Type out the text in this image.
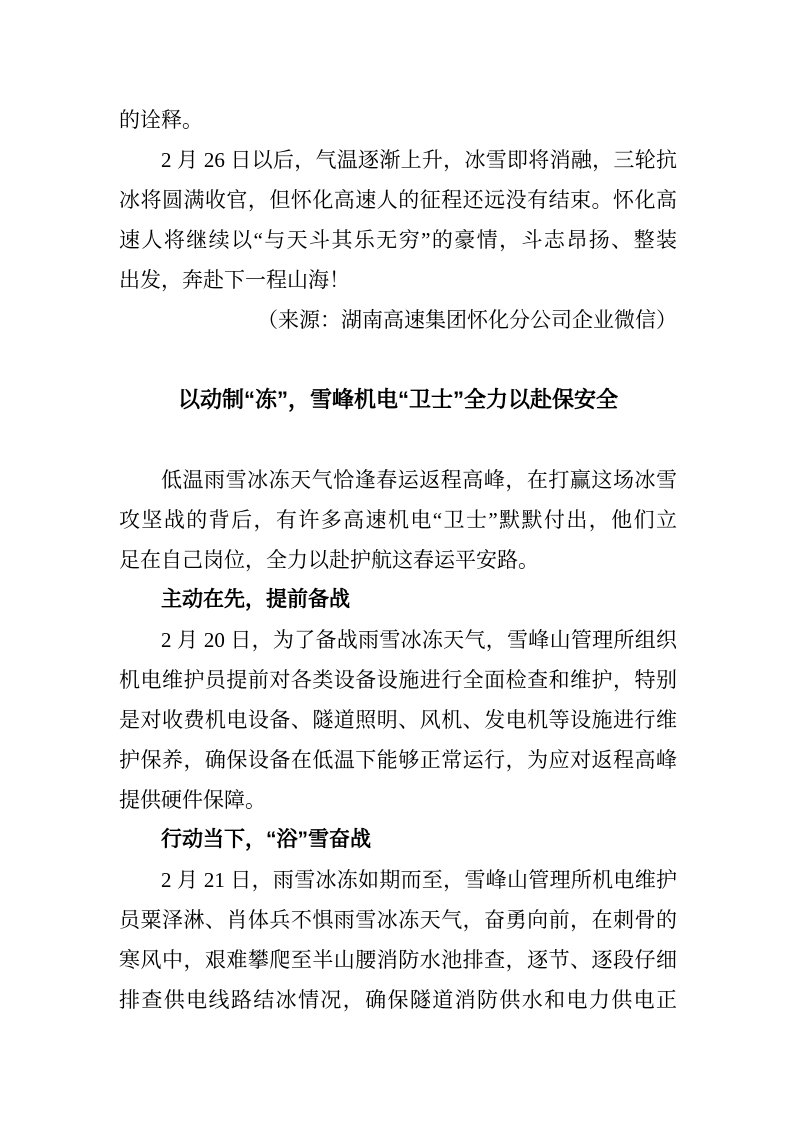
的诠释。
2 月 26 日以后，气温逐渐上升，冰雪即将消融，三轮抗
冰将圆满收官，但怀化高速人的征程还远没有结束。怀化高
速人将继续以“与天斗其乐无穷”的豪情，斗志昂扬、整装
出发，奔赴下一程山海！
（来源：湖南高速集团怀化分公司企业微信）
以动制“冻”，雪峰机电“卫士”全力以赴保安全
低温雨雪冰冻天气恰逢春运返程高峰，在打赢这场冰雪
攻坚战的背后，有许多高速机电“卫士”默默付出，他们立
足在自己岗位，全力以赴护航这春运平安路。
主动在先，提前备战
2 月 20 日，为了备战雨雪冰冻天气，雪峰山管理所组织
机电维护员提前对各类设备设施进行全面检查和维护，特别
是对收费机电设备、隧道照明、风机、发电机等设施进行维
护保养，确保设备在低温下能够正常运行，为应对返程高峰
提供硬件保障。
行动当下，“浴”雪奋战
2 月 21 日，雨雪冰冻如期而至，雪峰山管理所机电维护
员粟泽淋、肖体兵不惧雨雪冰冻天气，奋勇向前，在刺骨的
寒风中，艰难攀爬至半山腰消防水池排查，逐节、逐段仔细
排查供电线路结冰情况，确保隧道消防供水和电力供电正
